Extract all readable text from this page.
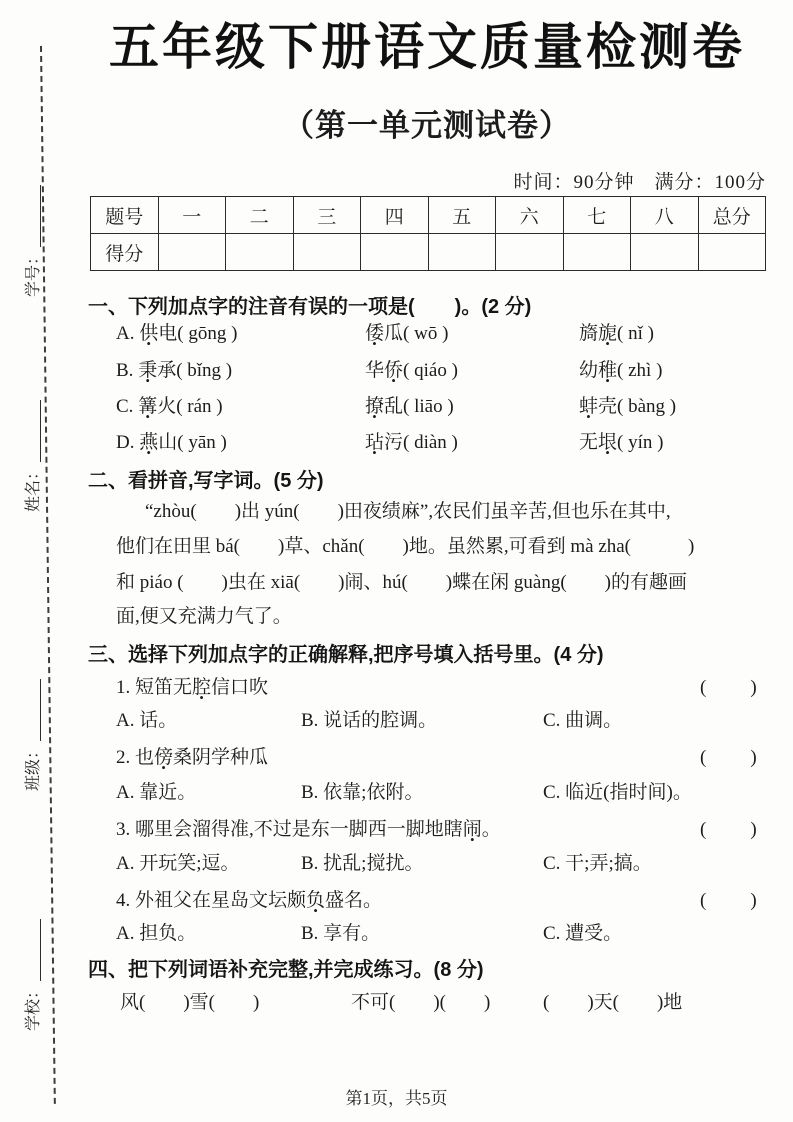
学号：
姓名：
班级：
学校：
五年级下册语文质量检测卷
（第一单元测试卷）
时间：90分钟　满分：100分
题号	一	二	三	四	五	六	七	八	总分
得分									
一、下列加点字的注音有误的一项是(　　)。(2 分)
A. 供电( gōng )	倭瓜( wō )	旖旎( nǐ )
B. 秉承( bǐng )	华侨( qiáo )	幼稚( zhì )
C. 篝火( rán )	撩乱( liāo )	蚌壳( bàng )
D. 燕山( yān )	玷污( diàn )	无垠( yín )
二、看拼音,写字词。(5 分)
“zhòu(　　)出 yún(　　)田夜绩麻”,农民们虽辛苦,但也乐在其中,
他们在田里 bá(　　)草、chǎn(　　)地。虽然累,可看到 mà zha(　　　)
和 piáo (　　)虫在 xiā(　　)闹、hú(　　)蝶在闲 guàng(　　)的有趣画
面,便又充满力气了。
三、选择下列加点字的正确解释,把序号填入括号里。(4 分)
1. 短笛无腔信口吹	(　　)
A. 话。	B. 说话的腔调。	C. 曲调。
2. 也傍桑阴学种瓜	(　　)
A. 靠近。	B. 依靠;依附。	C. 临近(指时间)。
3. 哪里会溜得准,不过是东一脚西一脚地瞎闹。	(　　)
A. 开玩笑;逗。	B. 扰乱;搅扰。	C. 干;弄;搞。
4. 外祖父在星岛文坛颇负盛名。	(　　)
A. 担负。	B. 享有。	C. 遭受。
四、把下列词语补充完整,并完成练习。(8 分)
风(　　)雪(　　)	不可(　　)(　　)	(　　)天(　　)地
第1页，共5页
